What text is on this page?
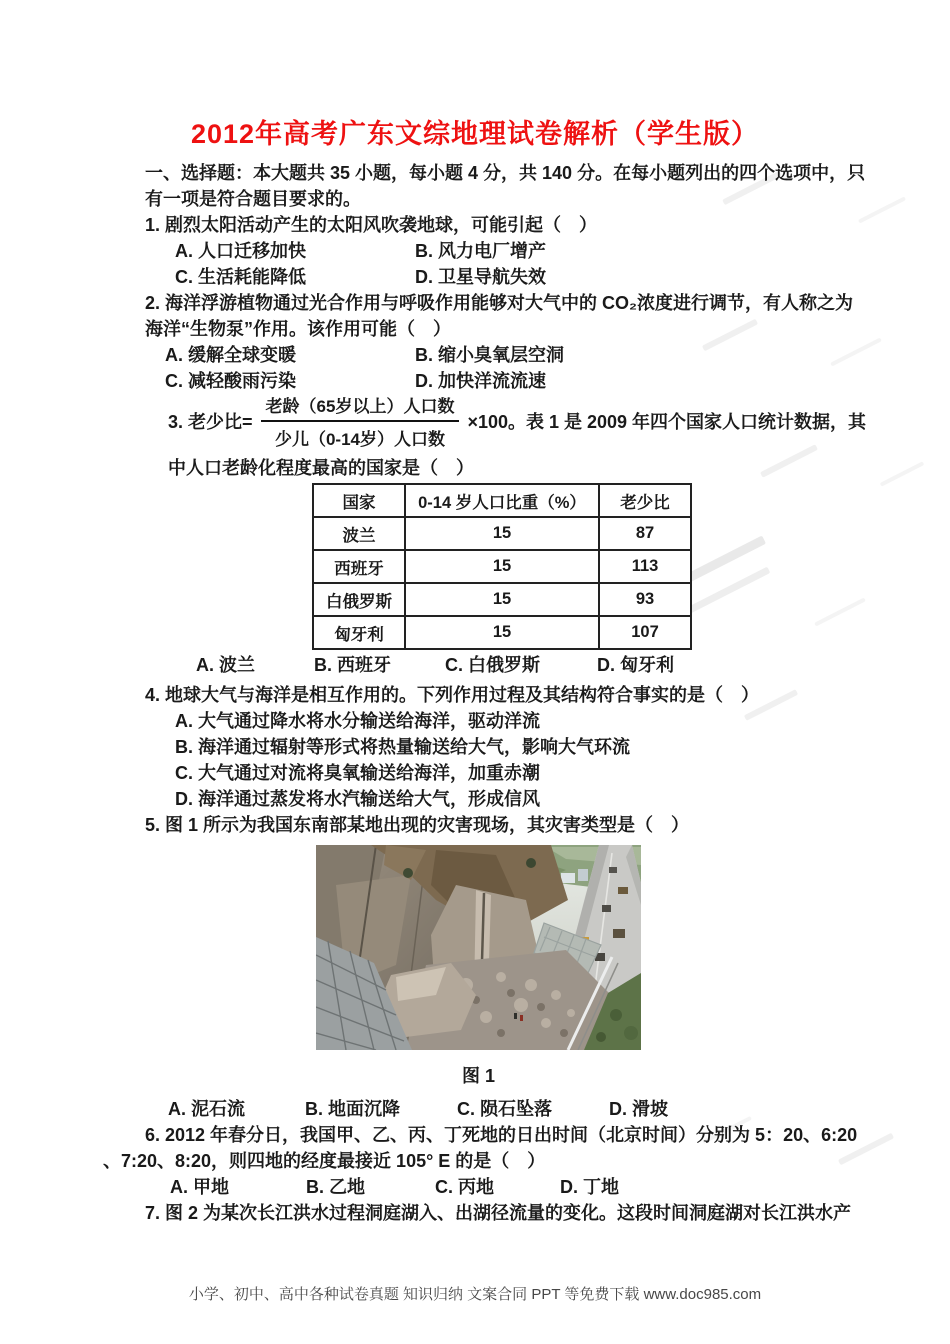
2012年高考广东文综地理试卷解析（学生版）
一、选择题：本大题共 35 小题，每小题 4 分，共 140 分。在每小题列出的四个选项中，只
有一项是符合题目要求的。
1. 剧烈太阳活动产生的太阳风吹袭地球，可能引起（　）
A. 人口迁移加快	B. 风力电厂增产
C. 生活耗能降低	D. 卫星导航失效
2. 海洋浮游植物通过光合作用与呼吸作用能够对大气中的 CO₂浓度进行调节，有人称之为
海洋“生物泵”作用。该作用可能（　）
A. 缓解全球变暖	B. 缩小臭氧层空洞
C. 减轻酸雨污染	D. 加快洋流流速
3. 老少比= $\frac{\text{老龄（65岁以上）人口数}}{\text{少儿（0-14岁）人口数}} \times 100$。表 1 是 2009 年四个国家人口统计数据，其
中人口老龄化程度最高的国家是（　）
国家	0-14 岁人口比重（%）	老少比
波兰	15	87
西班牙	15	113
白俄罗斯	15	93
匈牙利	15	107
A. 波兰	B. 西班牙	C. 白俄罗斯	D. 匈牙利
4. 地球大气与海洋是相互作用的。下列作用过程及其结构符合事实的是（　）
A. 大气通过降水将水分输送给海洋，驱动洋流
B. 海洋通过辐射等形式将热量输送给大气，影响大气环流
C. 大气通过对流将臭氧输送给海洋，加重赤潮
D. 海洋通过蒸发将水汽输送给大气，形成信风
5. 图 1 所示为我国东南部某地出现的灾害现场，其灾害类型是（　）
图 1
A. 泥石流	B. 地面沉降	C. 陨石坠落	D. 滑坡
6. 2012 年春分日，我国甲、乙、丙、丁死地的日出时间（北京时间）分别为 5：20、6:20
、7:20、8:20，则四地的经度最接近 105° E 的是（　）
A. 甲地	B. 乙地	C. 丙地	D. 丁地
7. 图 2 为某次长江洪水过程洞庭湖入、出湖径流量的变化。这段时间洞庭湖对长江洪水产
小学、初中、高中各种试卷真题 知识归纳 文案合同 PPT 等免费下载 www.doc985.com
